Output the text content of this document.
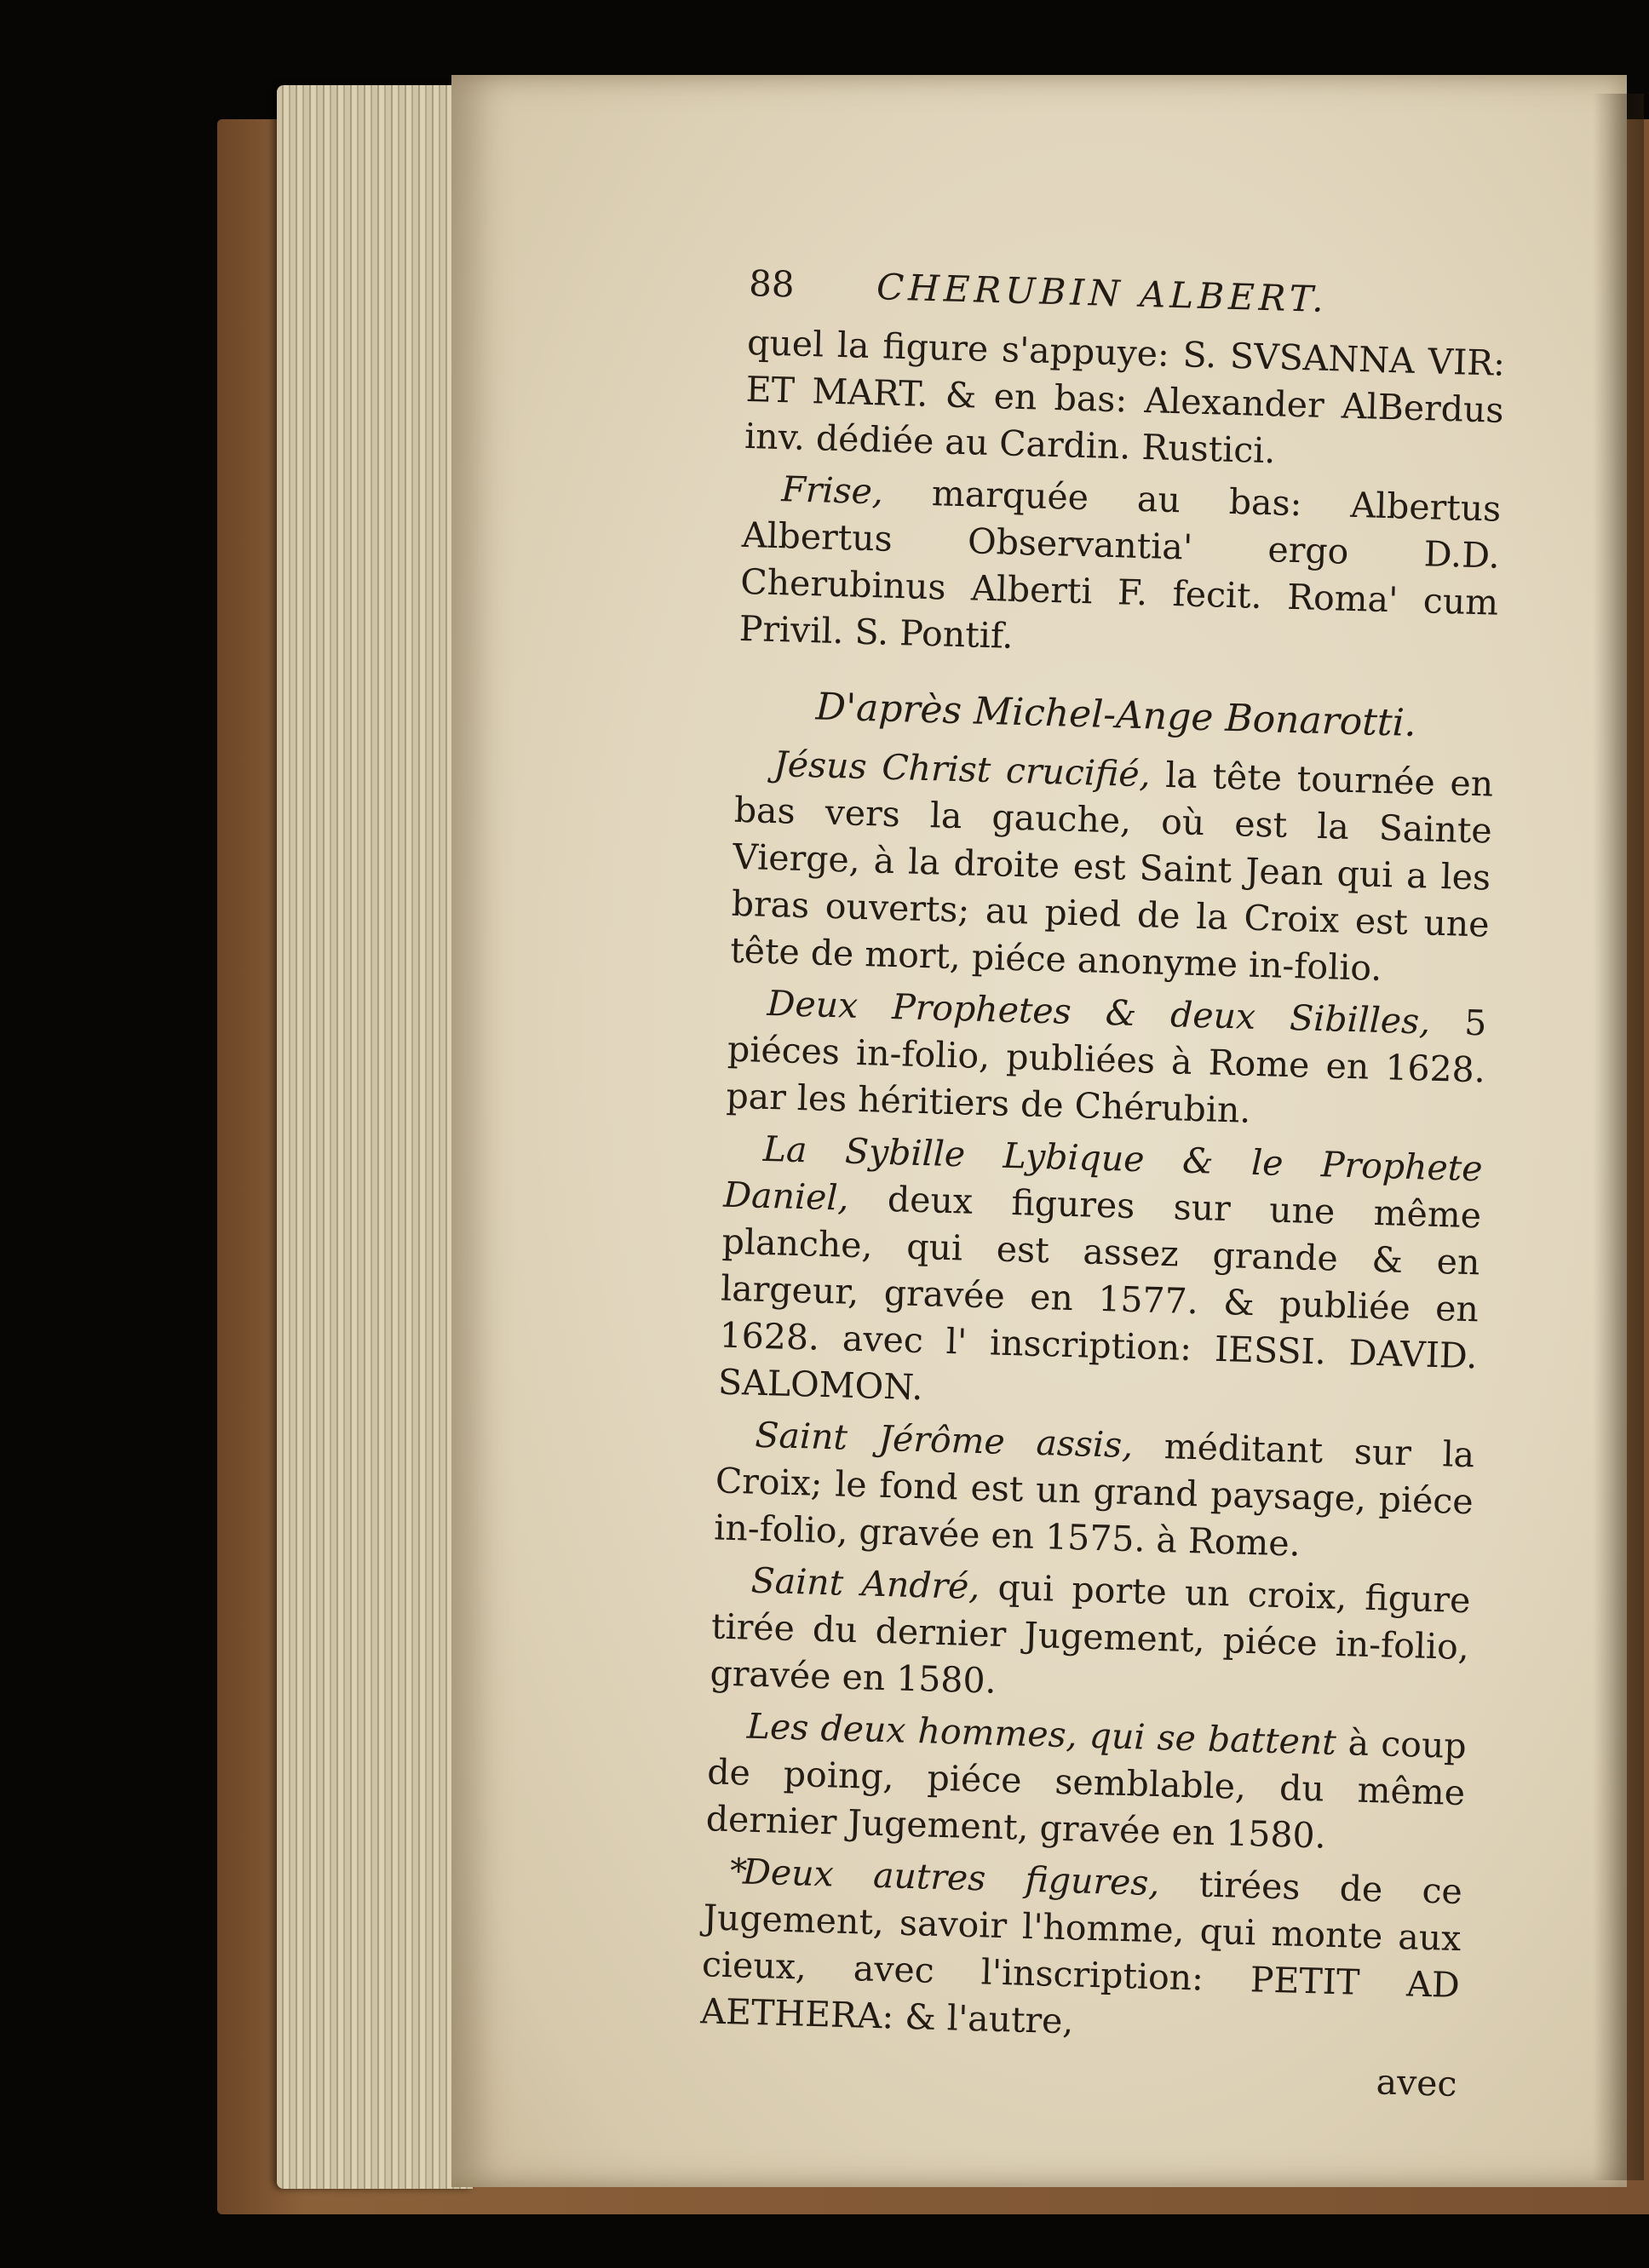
88	CHERUBIN ALBERT.

quel la figure s'appuye: S. SVSANNA VIR: ET MART. & en bas: Alexander AlBerdus inv. dédiée au Cardin. Rustici.

Frise, marquée au bas: Albertus Albertus Observantia' ergo D.D. Cherubinus Alberti F. fecit. Roma' cum Privil. S. Pontif.

D'après Michel-Ange Bonarotti.

Jésus Christ crucifié, la tête tournée en bas vers la gauche, où est la Sainte Vierge, à la droite est Saint Jean qui a les bras ouverts; au pied de la Croix est une tête de mort, piéce anonyme in-folio.

Deux Prophetes & deux Sibilles, 5 piéces in-folio, publiées à Rome en 1628. par les héritiers de Chérubin.

La Sybille Lybique & le Prophete Daniel, deux figures sur une même planche, qui est assez grande & en largeur, gravée en 1577. & publiée en 1628. avec l' inscription: IESSI. DAVID. SALOMON.

Saint Jérôme assis, méditant sur la Croix; le fond est un grand paysage, piéce in-folio, gravée en 1575. à Rome.

Saint André, qui porte un croix, figure tirée du dernier Jugement, piéce in-folio, gravée en 1580.

Les deux hommes, qui se battent à coup de poing, piéce semblable, du même dernier Jugement, gravée en 1580.

*
Deux autres figures, tirées de ce Jugement, savoir l'homme, qui monte aux cieux, avec l'inscription: PETIT AD AETHERA: & l'autre,

avec
